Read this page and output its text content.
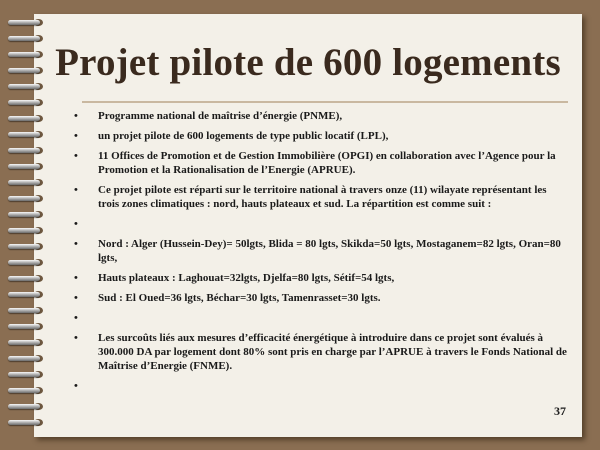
Projet pilote de 600 logements
• Programme national de maîtrise d’énergie (PNME),
• un projet pilote de 600 logements de type public locatif (LPL),
• 11 Offices de Promotion et de Gestion Immobilière (OPGI) en collaboration avec l’Agence pour la Promotion et la Rationalisation de l’Energie (APRUE).
• Ce projet pilote est réparti sur le territoire national à travers onze (11) wilayate représentant les trois zones climatiques : nord, hauts plateaux et sud. La répartition est comme suit :
•
• Nord : Alger (Hussein-Dey)= 50lgts, Blida = 80 lgts, Skikda=50 lgts, Mostaganem=82 lgts, Oran=80 lgts,
• Hauts plateaux : Laghouat=32lgts, Djelfa=80 lgts, Sétif=54 lgts,
• Sud : El Oued=36 lgts, Béchar=30 lgts, Tamenrasset=30 lgts.
•
• Les surcoûts liés aux mesures d’efficacité énergétique à introduire dans ce projet sont évalués à 300.000 DA par logement dont 80% sont pris en charge par l’APRUE à travers le Fonds National de Maîtrise d’Energie (FNME).
•
37
